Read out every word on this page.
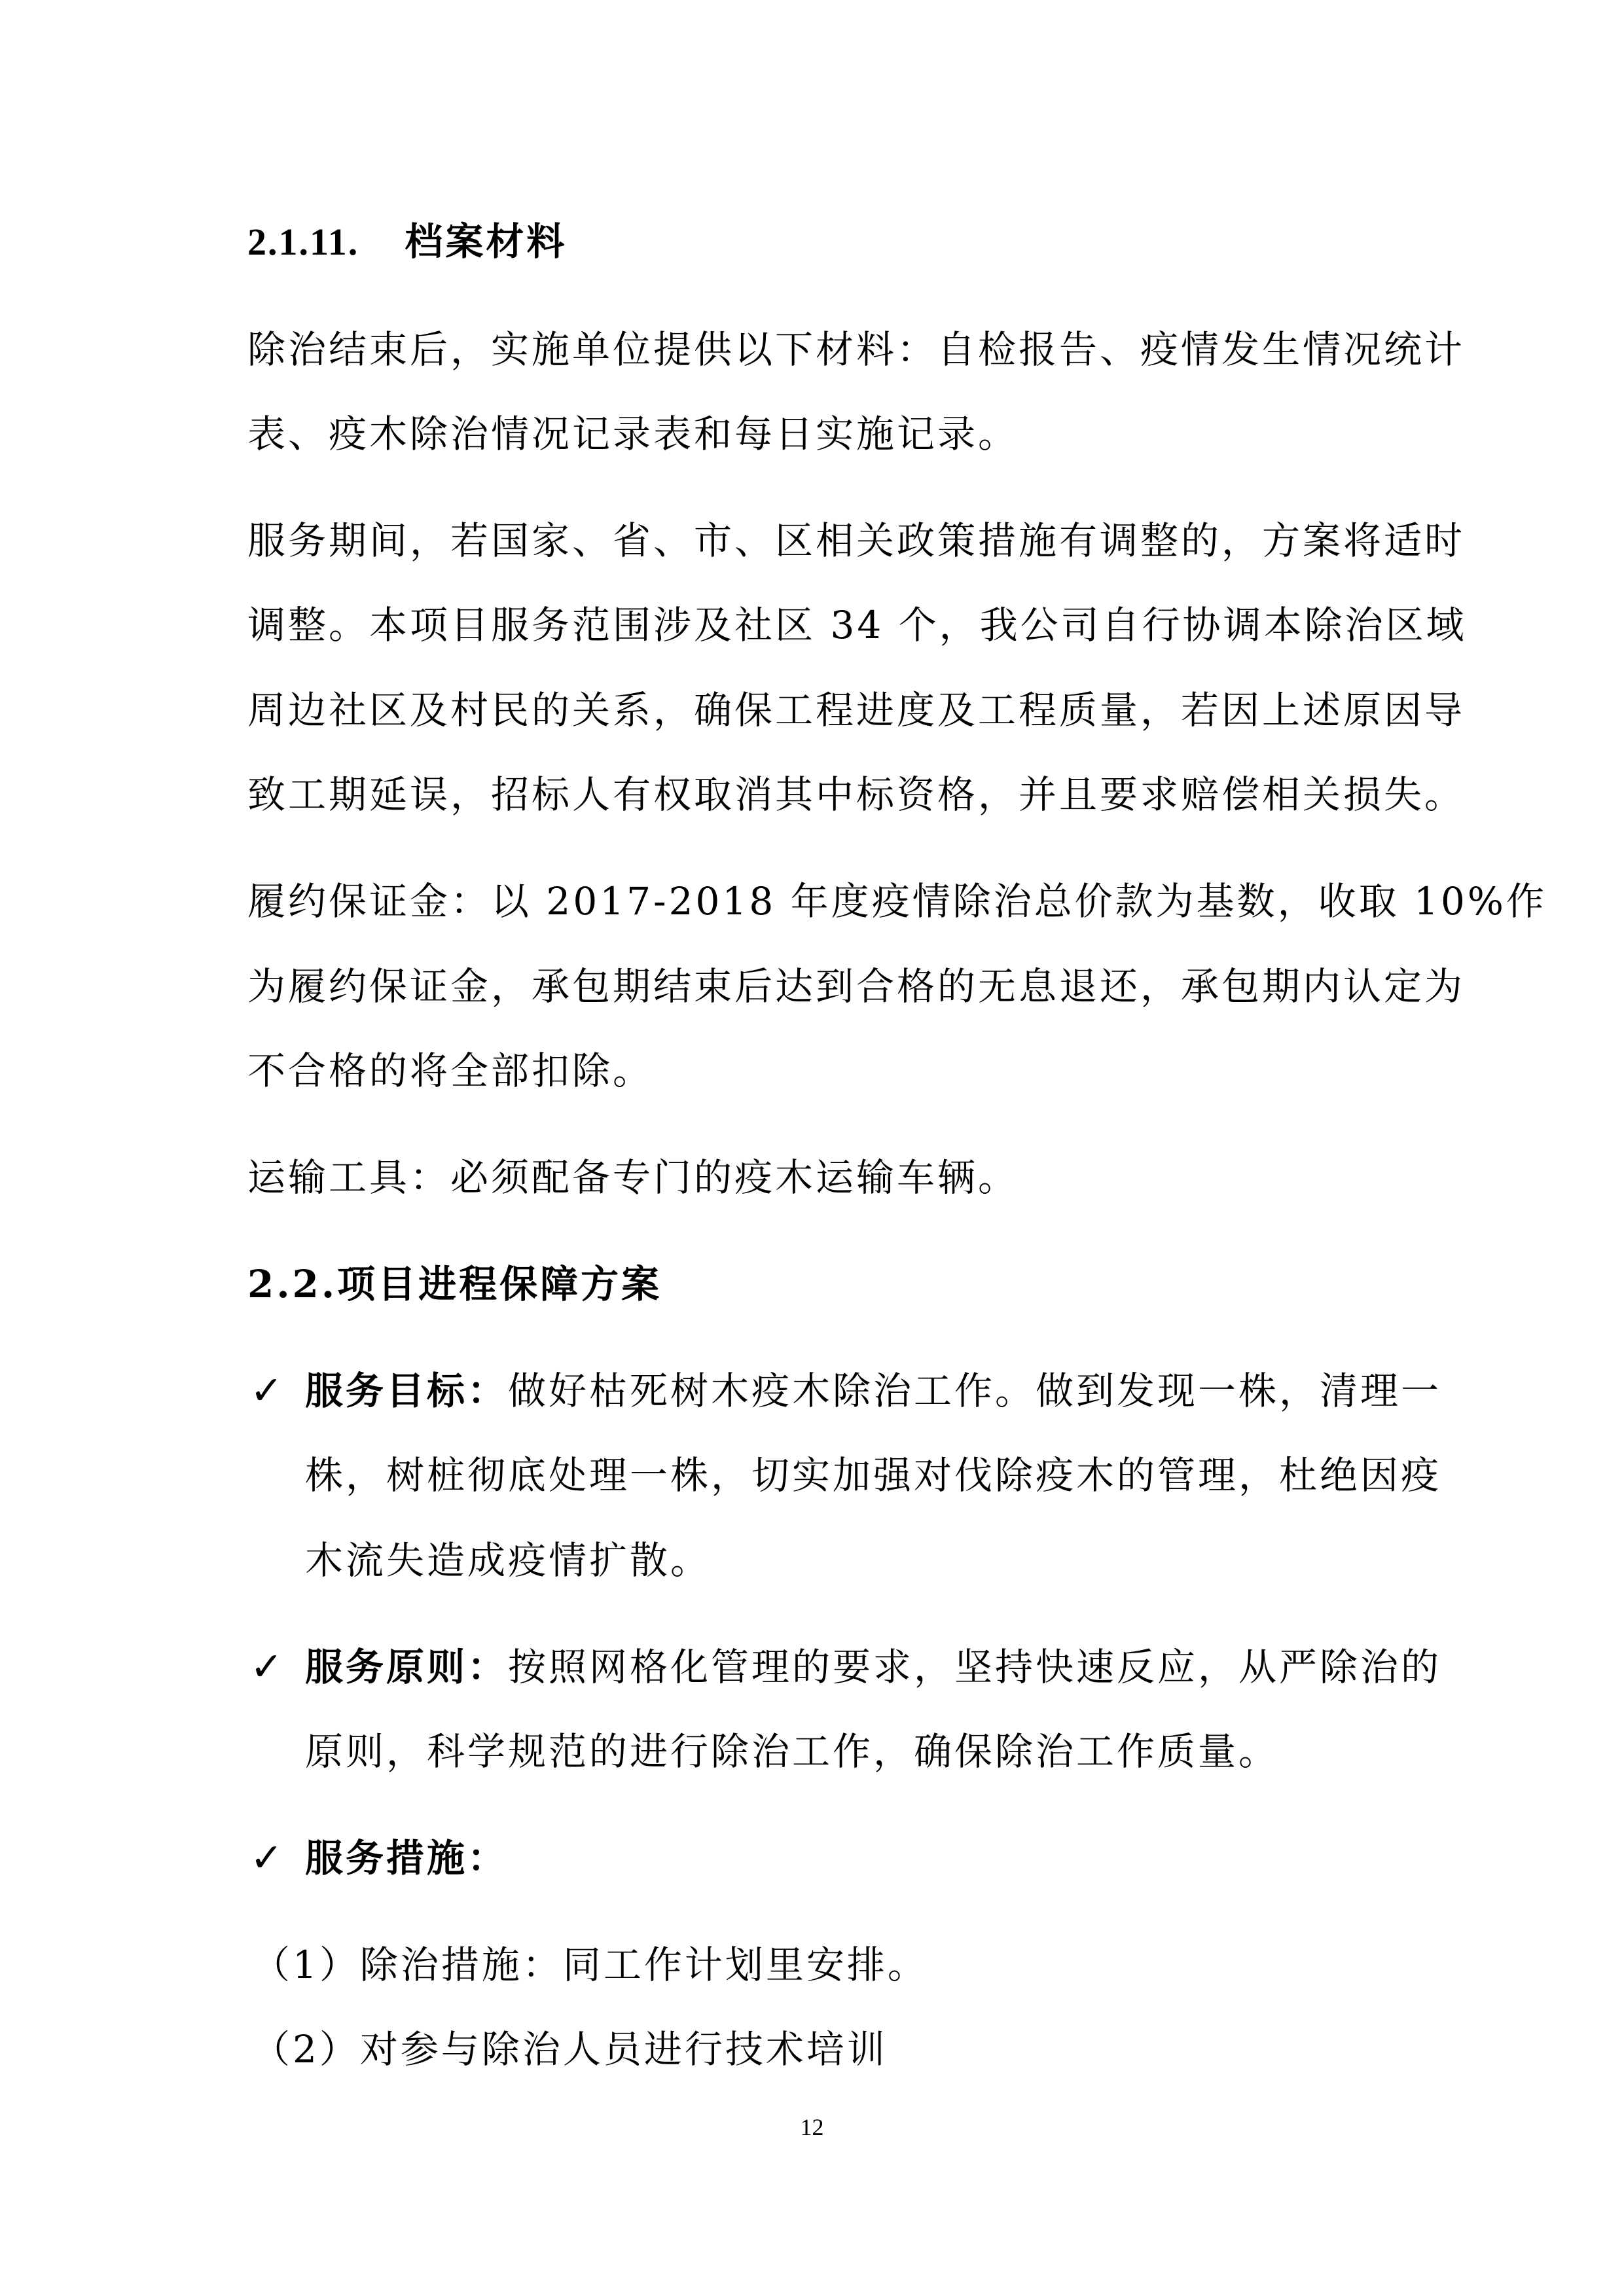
2.1.11. 档案材料
除治结束后，实施单位提供以下材料：自检报告、疫情发生情况统计
表、疫木除治情况记录表和每日实施记录。
服务期间，若国家、省、市、区相关政策措施有调整的，方案将适时
调整。本项目服务范围涉及社区 34 个，我公司自行协调本除治区域
周边社区及村民的关系，确保工程进度及工程质量，若因上述原因导
致工期延误，招标人有权取消其中标资格，并且要求赔偿相关损失。
履约保证金：以 2017-2018 年度疫情除治总价款为基数，收取 10%作
为履约保证金，承包期结束后达到合格的无息退还，承包期内认定为
不合格的将全部扣除。
运输工具：必须配备专门的疫木运输车辆。
2.2.项目进程保障方案
✓ 服务目标：做好枯死树木疫木除治工作。做到发现一株，清理一
株，树桩彻底处理一株，切实加强对伐除疫木的管理，杜绝因疫
木流失造成疫情扩散。
✓ 服务原则：按照网格化管理的要求，坚持快速反应，从严除治的
原则，科学规范的进行除治工作，确保除治工作质量。
✓ 服务措施：
（1）除治措施：同工作计划里安排。
（2）对参与除治人员进行技术培训
12
